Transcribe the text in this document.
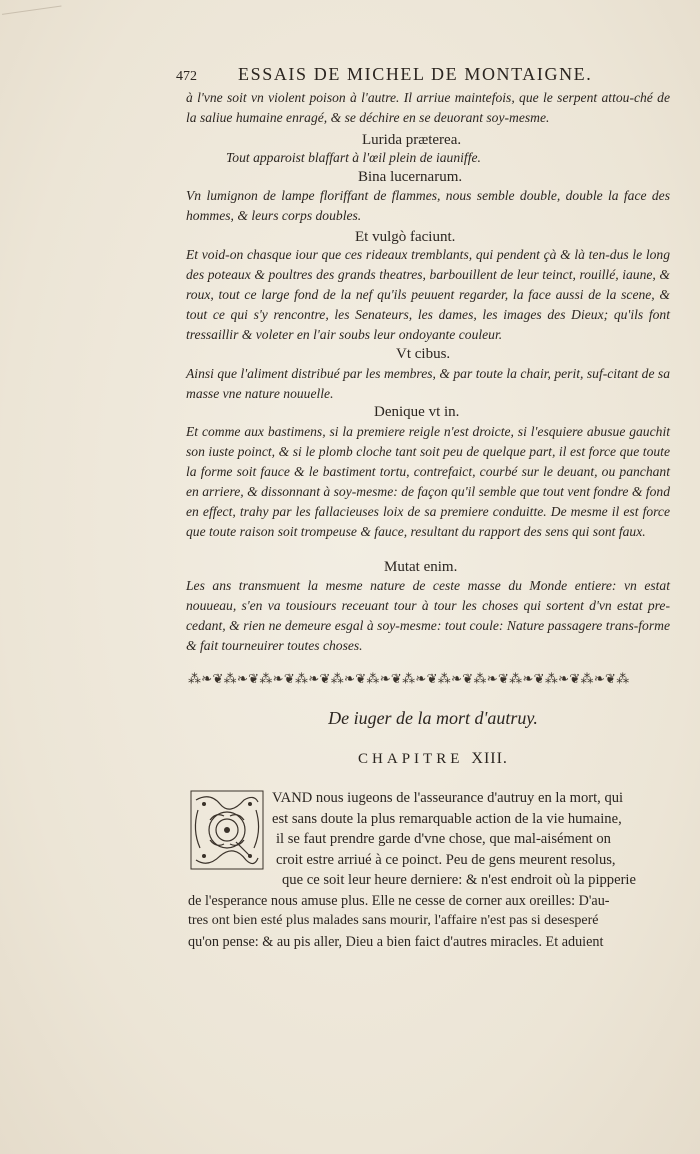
472	ESSAIS DE MICHEL DE MONTAIGNE.
à l'vne soit vn violent poison à l'autre. Il arriue maintefois, que le serpent attou-ché de la saliue humaine enragé, & se déchire en se deuorant soy-mesme.
Lurida præterea.
Tout apparoist blaffart à l'œil plein de iauniffe.
Bina lucernarum.
Vn lumignon de lampe floriffant de flammes, nous semble double, double la face des hommes, & leurs corps doubles.
Et vulgò faciunt.
Et void-on chasque iour que ces rideaux tremblants, qui pendent çà & là ten-dus le long des poteaux & poultres des grands theatres, barbouillent de leur teinct, rouillé, iaune, & roux, tout ce large fond de la nef qu'ils peuuent regarder, la face aussi de la scene, & tout ce qui s'y rencontre, les Senateurs, les dames, les images des Dieux; qu'ils font tressaillir & voleter en l'air soubs leur ondoyante couleur.
Vt cibus.
Ainsi que l'aliment distribué par les membres, & par toute la chair, perit, suf-citant de sa masse vne nature nouuelle.
Denique vt in.
Et comme aux bastimens, si la premiere reigle n'est droicte, si l'esquiere abusue gauchit son iuste poinct, & si le plomb cloche tant soit peu de quelque part, il est force que toute la forme soit fauce & le bastiment tortu, contrefaict, courbé sur le deuant, ou panchant en arriere, & dissonnant à soy-mesme: de façon qu'il semble que tout vent fondre & fond en effect, trahy par les fallacieuses loix de sa premiere conduitte. De mesme il est force que toute raison soit trompeuse & fauce, resultant du rapport des sens qui sont faux.
Mutat enim.
Les ans transmuent la mesme nature de ceste masse du Monde entiere: vn estat nouueau, s'en va tousiours receuant tour à tour les choses qui sortent d'vn estat pre-cedant, & rien ne demeure esgal à soy-mesme: tout coule: Nature passagere trans-forme & fait tourneuirer toutes choses.
⁂❧❦⁂❧❦⁂❧❦⁂❧❦⁂❧❦⁂❧❦⁂❧❦⁂❧❦⁂❧❦⁂❧❦⁂❧❦⁂❧❦⁂
De iuger de la mort d'autruy.
CHAPITRE XIII.
VAND nous iugeons de l'asseurance d'autruy en la mort, qui
est sans doute la plus remarquable action de la vie humaine,
il se faut prendre garde d'vne chose, que mal-aisément on
croit estre arriué à ce poinct. Peu de gens meurent resolus,
que ce soit leur heure derniere: & n'est endroit où la pipperie
de l'esperance nous amuse plus. Elle ne cesse de corner aux oreilles: D'au-
tres ont bien esté plus malades sans mourir, l'affaire n'est pas si desesperé
qu'on pense: & au pis aller, Dieu a bien faict d'autres miracles. Et aduient
